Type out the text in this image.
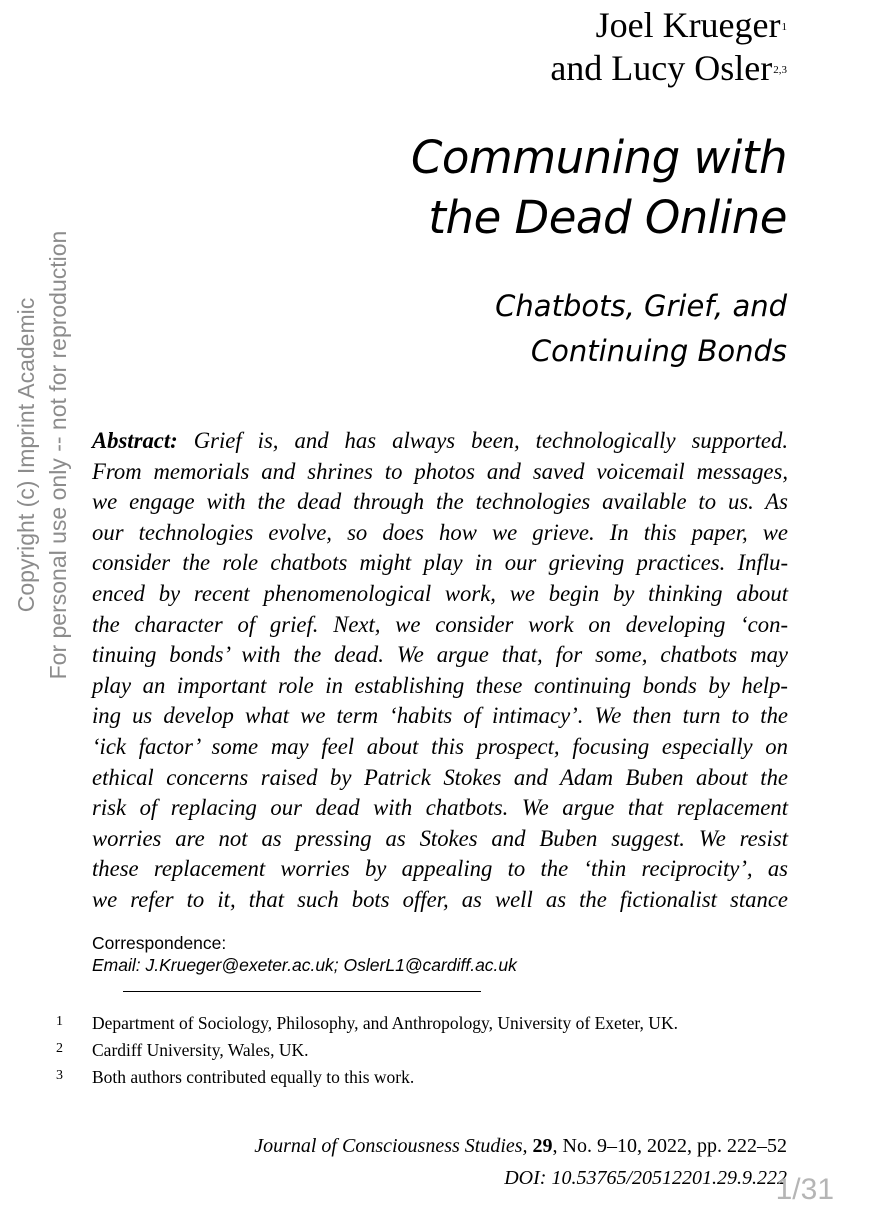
Joel Krueger$^1$
and Lucy Osler$^{2,3}$
Communing with
the Dead Online
Chatbots, Grief, and
Continuing Bonds
Copyright (c) Imprint Academic For personal use only -- not for reproduction Abstract: Grief is, and has always been, technologically supported.
From memorials and shrines to photos and saved voicemail messages,
we engage with the dead through the technologies available to us. As
our technologies evolve, so does how we grieve. In this paper, we
consider the role chatbots might play in our grieving practices. Influ-
enced by recent phenomenological work, we begin by thinking about
the character of grief. Next, we consider work on developing ‘con-
tinuing bonds’ with the dead. We argue that, for some, chatbots may
play an important role in establishing these continuing bonds by help-
ing us develop what we term ‘habits of intimacy’. We then turn to the
‘ick factor’ some may feel about this prospect, focusing especially on
ethical concerns raised by Patrick Stokes and Adam Buben about the
risk of replacing our dead with chatbots. We argue that replacement
worries are not as pressing as Stokes and Buben suggest. We resist
these replacement worries by appealing to the ‘thin reciprocity’, as
we refer to it, that such bots offer, as well as the fictionalist stance
Correspondence:
Email: J.Krueger@exeter.ac.uk; OslerL1@cardiff.ac.uk
1	Department of Sociology, Philosophy, and Anthropology, University of Exeter, UK.
2	Cardiff University, Wales, UK.
3	Both authors contributed equally to this work.
Journal of Consciousness Studies, 29, No. 9–10, 2022, pp. 222–52
DOI: 10.53765/20512201.29.9.222
1/31
